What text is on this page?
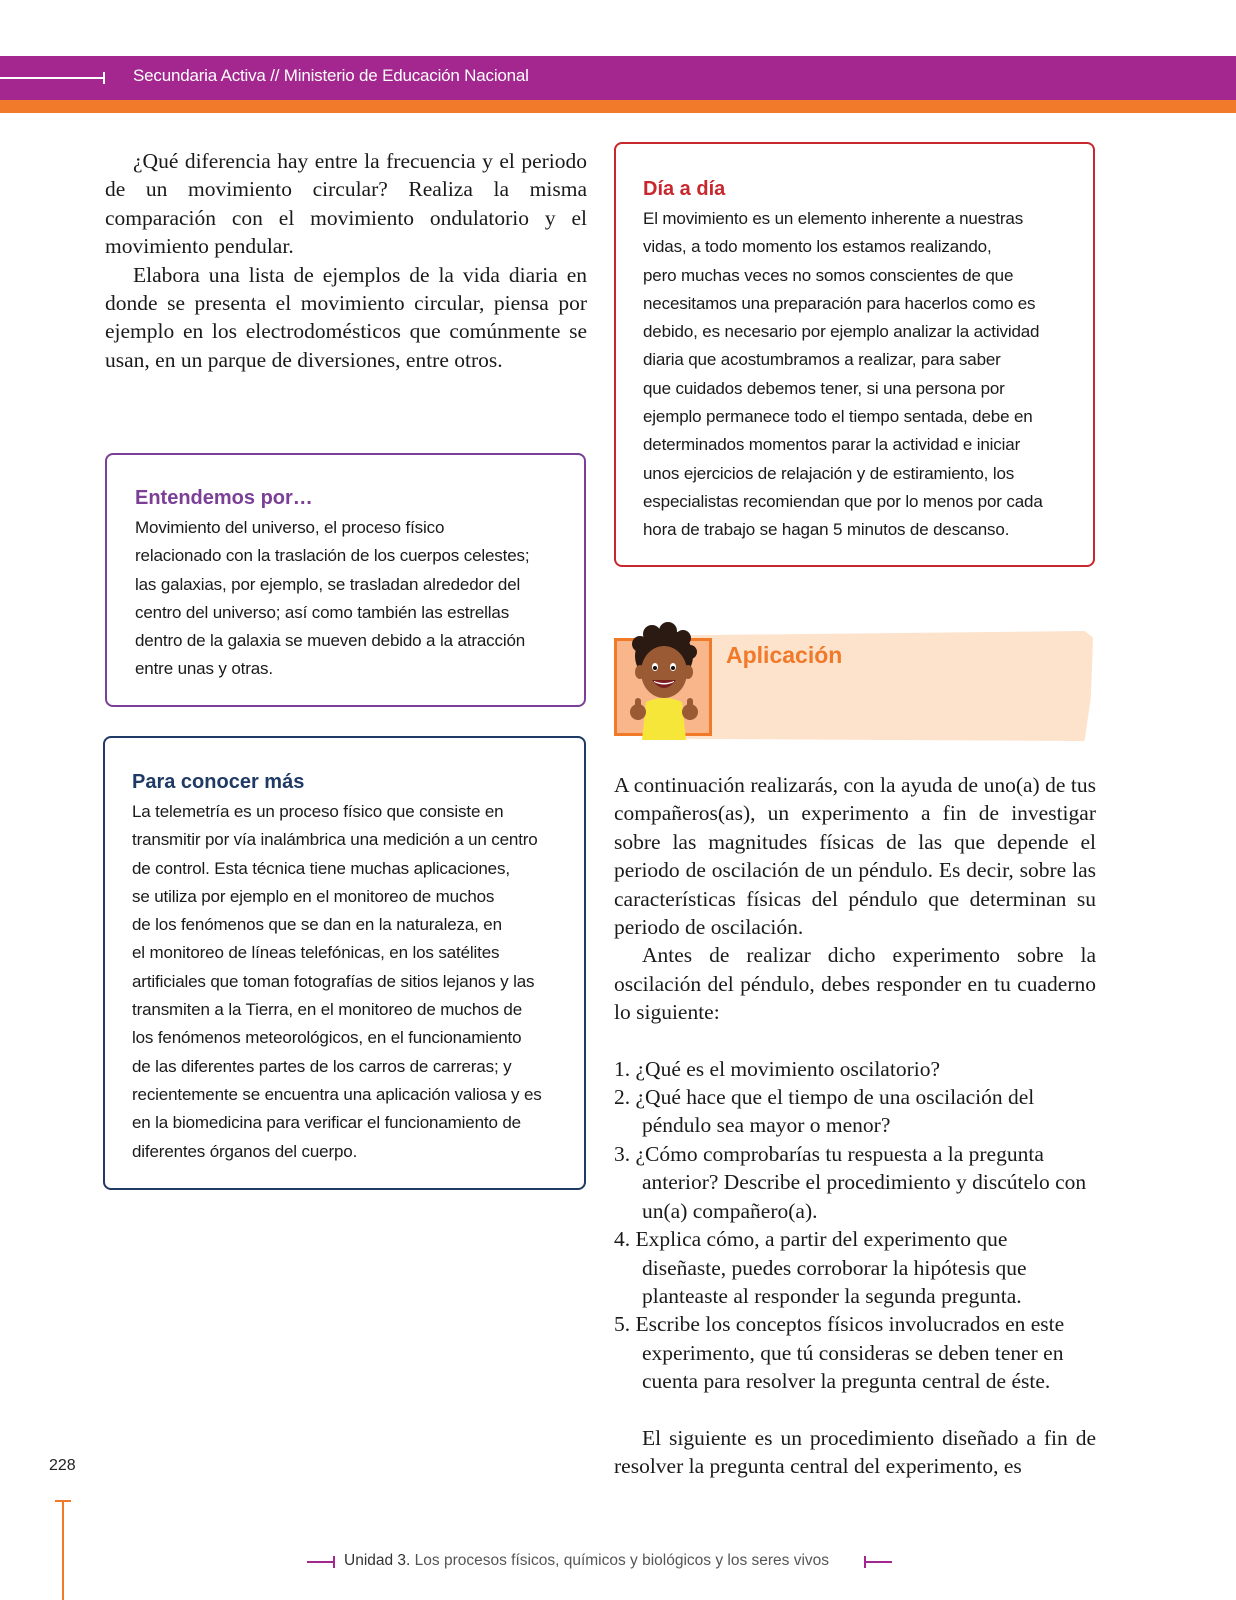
Secundaria Activa // Ministerio de Educación Nacional

¿Qué diferencia hay entre la frecuencia y el periodo de un movimiento circular? Realiza la misma comparación con el movimiento ondulatorio y el movimiento pendular.

Elabora una lista de ejemplos de la vida diaria en donde se presenta el movimiento circular, piensa por ejemplo en los electrodomésticos que comúnmente se usan, en un parque de diversiones, entre otros.

Entendemos por…
Movimiento del universo, el proceso físico
relacionado con la traslación de los cuerpos celestes;
las galaxias, por ejemplo, se trasladan alrededor del
centro del universo; así como también las estrellas
dentro de la galaxia se mueven debido a la atracción
entre unas y otras.
Para conocer más
La telemetría es un proceso físico que consiste en
transmitir por vía inalámbrica una medición a un centro
de control. Esta técnica tiene muchas aplicaciones,
se utiliza por ejemplo en el monitoreo de muchos
de los fenómenos que se dan en la naturaleza, en
el monitoreo de líneas telefónicas, en los satélites
artificiales que toman fotografías de sitios lejanos y las
transmiten a la Tierra, en el monitoreo de muchos de
los fenómenos meteorológicos, en el funcionamiento
de las diferentes partes de los carros de carreras; y
recientemente se encuentra una aplicación valiosa y es
en la biomedicina para verificar el funcionamiento de
diferentes órganos del cuerpo.
Día a día
El movimiento es un elemento inherente a nuestras
vidas, a todo momento los estamos realizando,
pero muchas veces no somos conscientes de que
necesitamos una preparación para hacerlos como es
debido, es necesario por ejemplo analizar la actividad
diaria que acostumbramos a realizar, para saber
que cuidados debemos tener, si una persona por
ejemplo permanece todo el tiempo sentada, debe en
determinados momentos parar la actividad e iniciar
unos ejercicios de relajación y de estiramiento, los
especialistas recomiendan que por lo menos por cada
hora de trabajo se hagan 5 minutos de descanso.
Aplicación

A continuación realizarás, con la ayuda de uno(a) de tus compañeros(as), un experimento a fin de investigar sobre las magnitudes físicas de las que depende el periodo de oscilación de un péndulo. Es decir, sobre las características físicas del péndulo que determinan su periodo de oscilación.

Antes de realizar dicho experimento sobre la oscilación del péndulo, debes responder en tu cuaderno lo siguiente:

1. ¿Qué es el movimiento oscilatorio?
2. ¿Qué hace que el tiempo de una oscilación del péndulo sea mayor o menor?
3. ¿Cómo comprobarías tu respuesta a la pregunta anterior? Describe el procedimiento y discútelo con un(a) compañero(a).
4. Explica cómo, a partir del experimento que diseñaste, puedes corroborar la hipótesis que planteaste al responder la segunda pregunta.
5. Escribe los conceptos físicos involucrados en este experimento, que tú consideras se deben tener en cuenta para resolver la pregunta central de éste.

El siguiente es un procedimiento diseñado a fin de resolver la pregunta central del experimento, es

228
Unidad 3. Los procesos físicos, químicos y biológicos y los seres vivos
